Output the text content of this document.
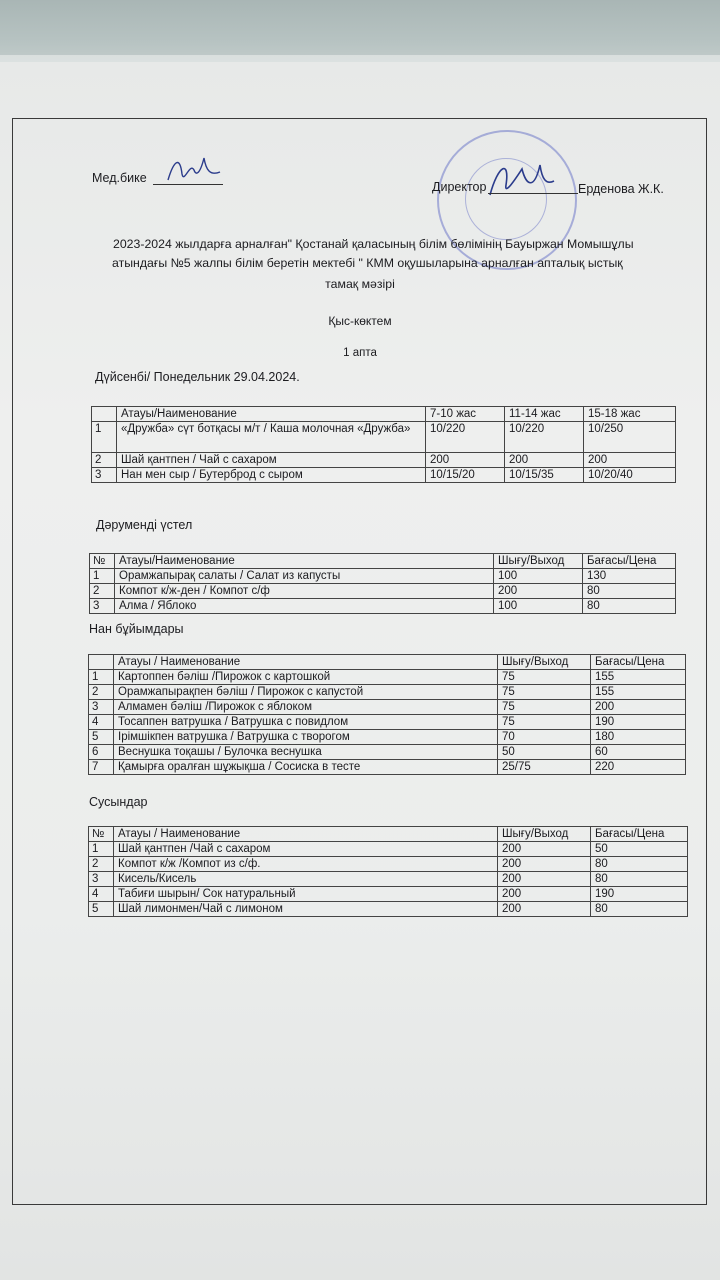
Мед.бике
Директор	Ерденова Ж.К.
2023-2024 жылдарға арналған" Қостанай қаласының білім бөлімінің Бауыржан Момышұлы
атындағы №5 жалпы білім беретін мектебі " КММ оқушыларына арналған апталық ыстық
тамақ мәзірі
Қыс-көктем
1 апта
Дүйсенбі/ Понедельник 29.04.2024.
	Атауы/Наименование	7-10 жас	11-14 жас	15-18 жас
1	«Дружба» сүт ботқасы м/т / Каша молочная «Дружба»	10/220	10/220	10/250
2	Шай қантпен / Чай с сахаром	200	200	200
3	Нан мен сыр / Бутерброд с сыром	10/15/20	10/15/35	10/20/40
Дәруменді үстел
№	Атауы/Наименование	Шығу/Выход	Бағасы/Цена
1	Орамжапырақ салаты / Салат из капусты	100	130
2	Компот к/ж-ден / Компот с/ф	200	80
3	Алма / Яблоко	100	80
Нан бұйымдары
	Атауы / Наименование	Шығу/Выход	Бағасы/Цена
1	Картоппен бәліш /Пирожок с картошкой	75	155
2	Орамжапырақпен бәліш / Пирожок с капустой	75	155
3	Алмамен бәліш /Пирожок с яблоком	75	200
4	Тосаппен ватрушка / Ватрушка с повидлом	75	190
5	Ірімшікпен ватрушка / Ватрушка с творогом	70	180
6	Веснушка тоқашы / Булочка веснушка	50	60
7	Қамырға оралған шұжықша / Сосиска в тесте	25/75	220
Сусындар
№	Атауы / Наименование	Шығу/Выход	Бағасы/Цена
1	Шай қантпен /Чай с сахаром	200	50
2	Компот к/ж /Компот из с/ф.	200	80
3	Кисель/Кисель	200	80
4	Табиғи шырын/ Сок натуральный	200	190
5	Шай лимонмен/Чай с лимоном	200	80
